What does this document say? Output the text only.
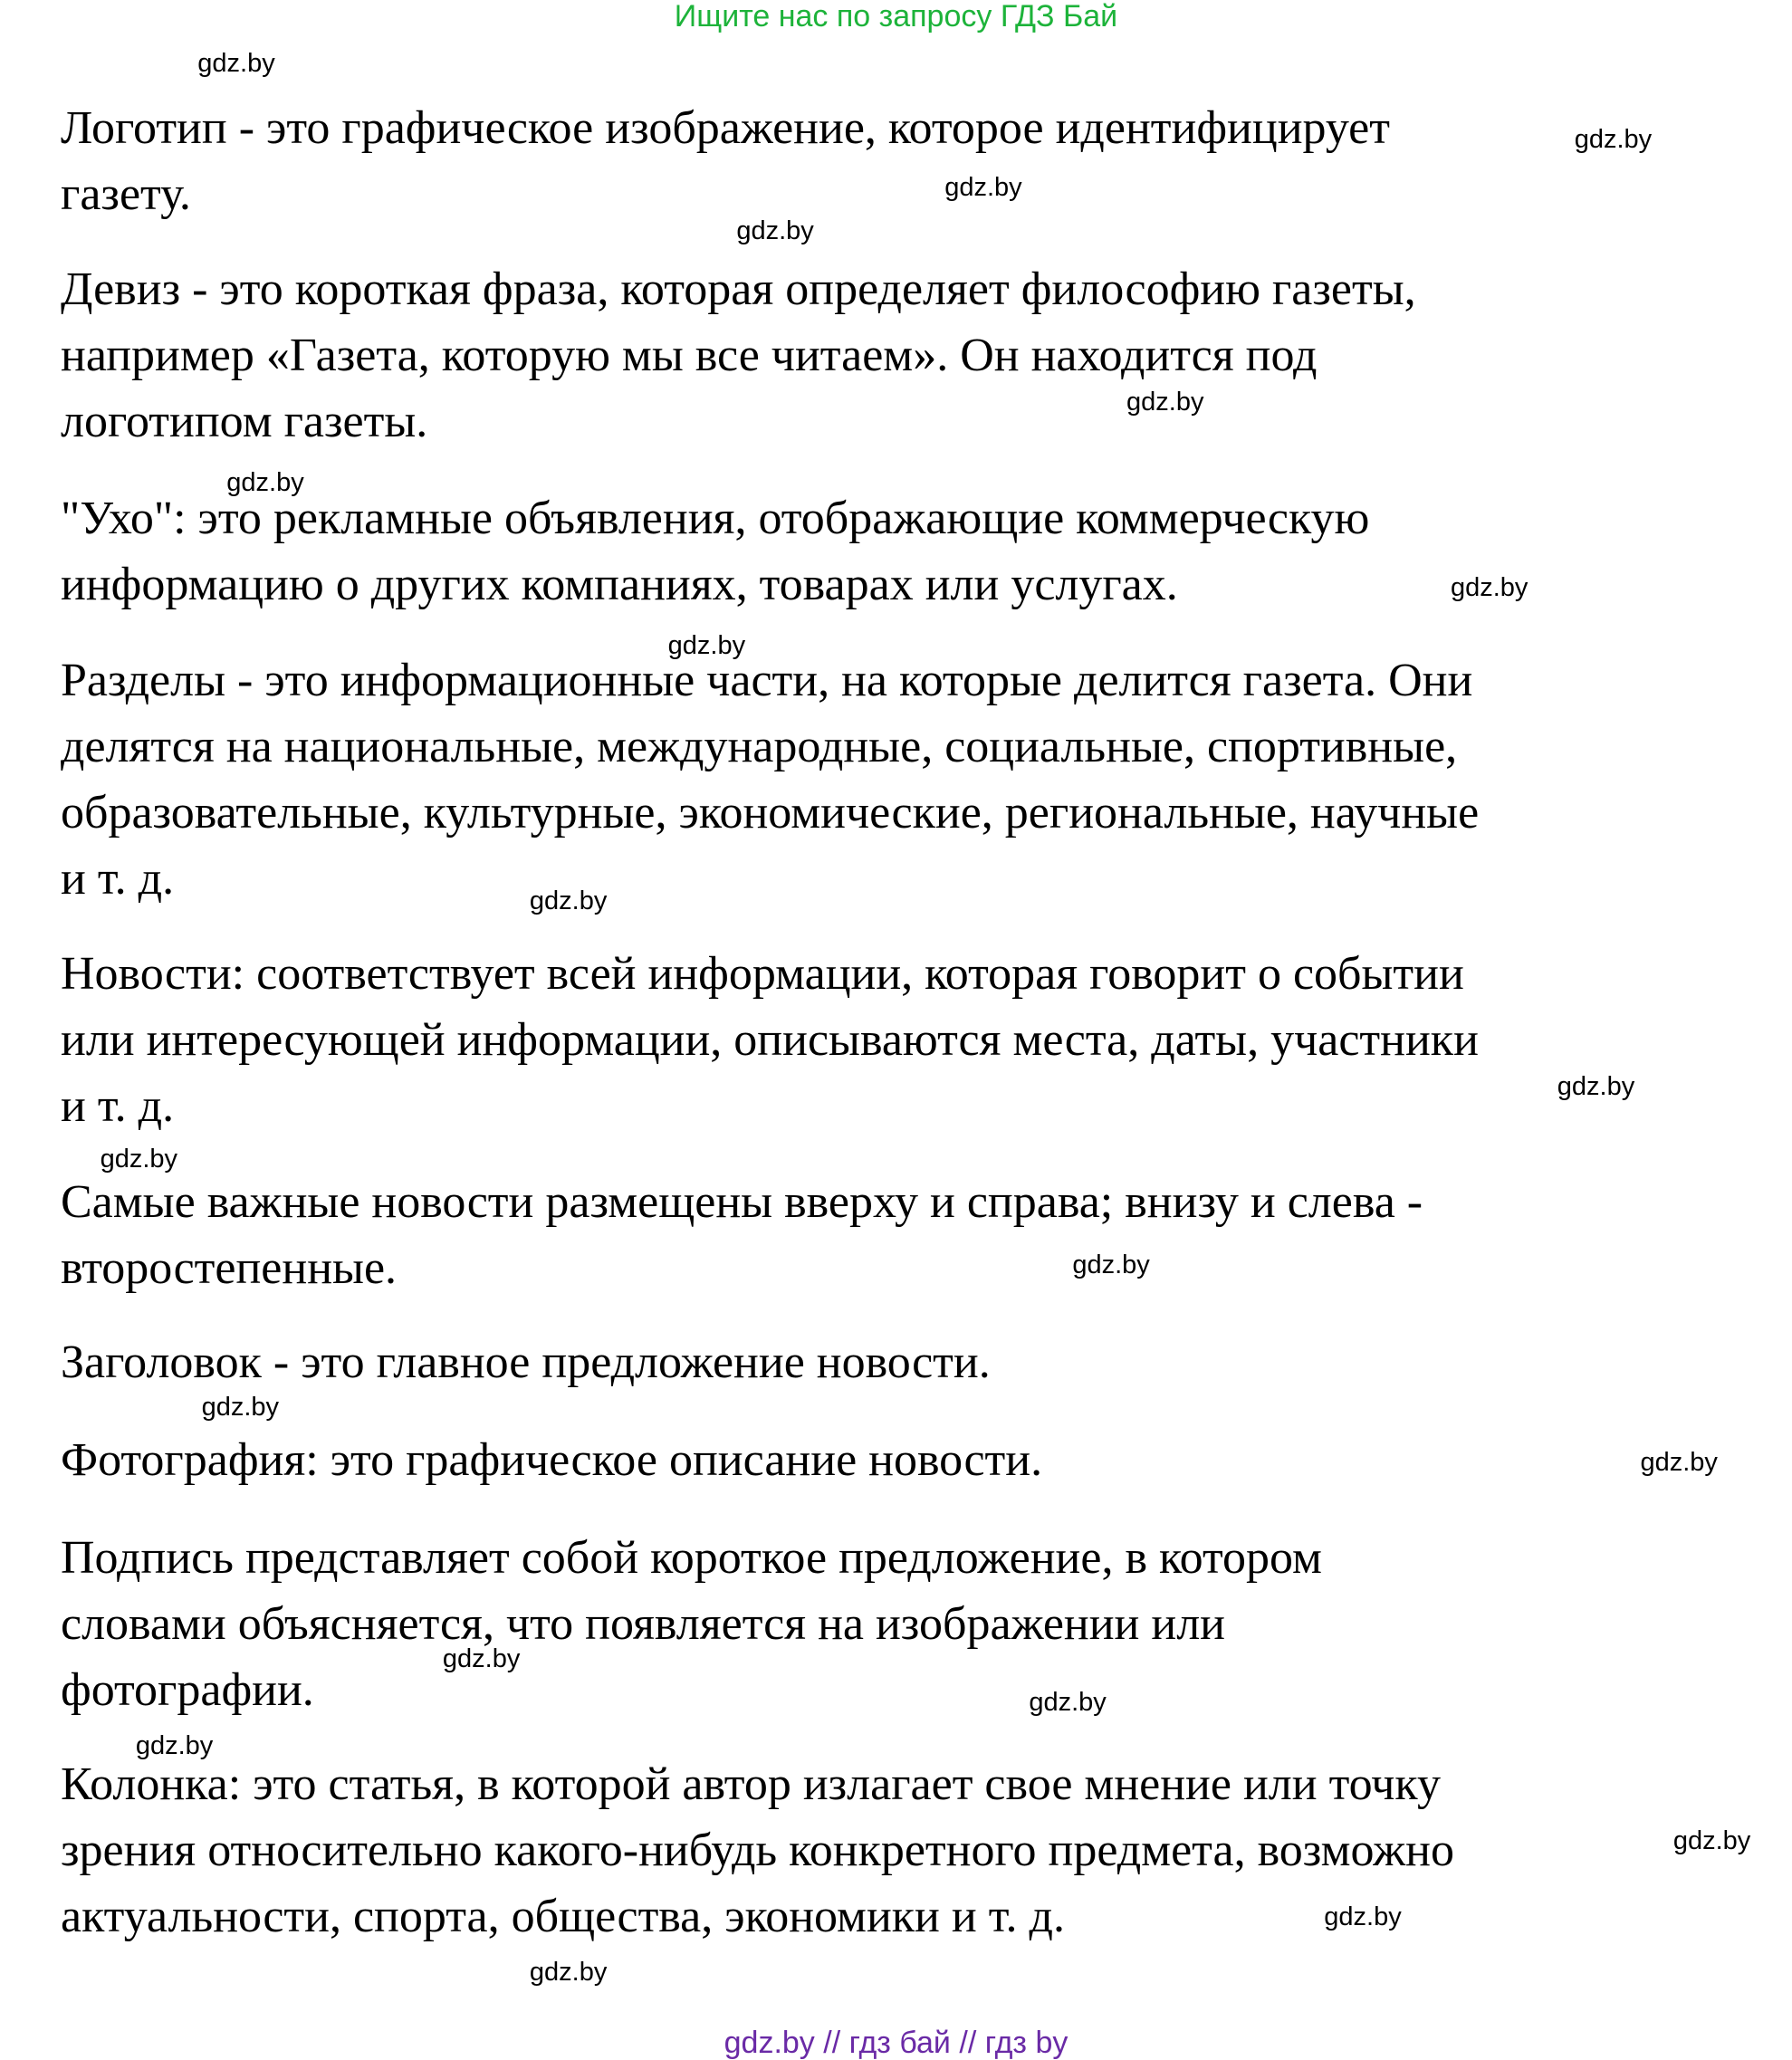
Ищите нас по запросу ГДЗ Бай
Логотип - это графическое изображение, которое идентифицирует
газету.
Девиз - это короткая фраза, которая определяет философию газеты,
например «Газета, которую мы все читаем». Он находится под
логотипом газеты.
"Ухо": это рекламные объявления, отображающие коммерческую
информацию о других компаниях, товарах или услугах.
Разделы - это информационные части, на которые делится газета. Они
делятся на национальные, международные, социальные, спортивные,
образовательные, культурные, экономические, региональные, научные
и т. д.
Новости: соответствует всей информации, которая говорит о событии
или интересующей информации, описываются места, даты, участники
и т. д.
Самые важные новости размещены вверху и справа; внизу и слева -
второстепенные.
Заголовок - это главное предложение новости.
Фотография: это графическое описание новости.
Подпись представляет собой короткое предложение, в котором
словами объясняется, что появляется на изображении или
фотографии.
Колонка: это статья, в которой автор излагает свое мнение или точку
зрения относительно какого-нибудь конкретного предмета, возможно
актуальности, спорта, общества, экономики и т. д.
gdz.by
gdz.by
gdz.by
gdz.by
gdz.by
gdz.by
gdz.by
gdz.by
gdz.by
gdz.by
gdz.by
gdz.by
gdz.by
gdz.by
gdz.by
gdz.by
gdz.by
gdz.by
gdz.by
gdz.by
gdz.by // гдз бай // гдз by
